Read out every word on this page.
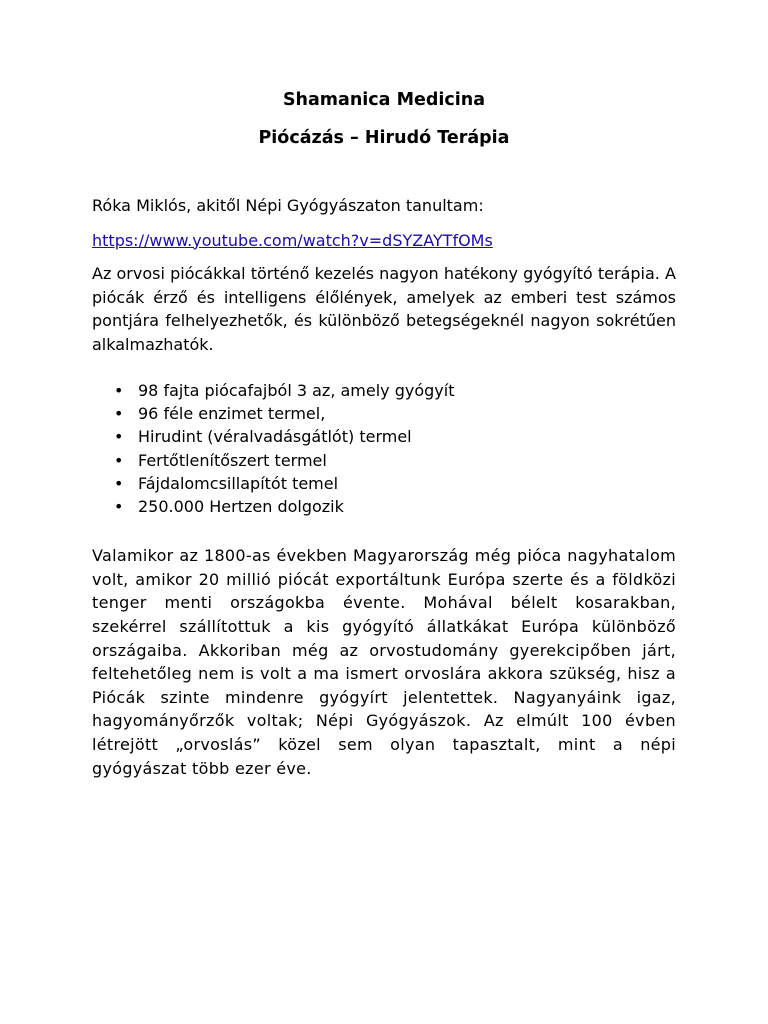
Shamanica Medicina
Piócázás – Hirudó Terápia

Róka Miklós, akitől Népi Gyógyászaton tanultam:

https://www.youtube.com/watch?v=dSYZAYTfOMs

Az orvosi piócákkal történő kezelés nagyon hatékony gyógyító terápia. A piócák érző és intelligens élőlények, amelyek az emberi test számos pontjára felhelyezhetők, és különböző betegségeknél nagyon sokrétűen alkalmazhatók.

• 98 fajta piócafajból 3 az, amely gyógyít
• 96 féle enzimet termel,
• Hirudint (véralvadásgátlót) termel
• Fertőtlenítőszert termel
• Fájdalomcsillapítót temel
• 250.000 Hertzen dolgozik

Valamikor az 1800-as években Magyarország még pióca nagyhatalom volt, amikor 20 millió piócát exportáltunk Európa szerte és a földközi tenger menti országokba évente. Mohával bélelt kosarakban, szekérrel szállítottuk a kis gyógyító állatkákat Európa különböző országaiba. Akkoriban még az orvostudomány gyerekcipőben járt, feltehetőleg nem is volt a ma ismert orvoslára akkora szükség, hisz a Piócák szinte mindenre gyógyírt jelentettek. Nagyanyáink igaz, hagyományőrzők voltak; Népi Gyógyászok. Az elmúlt 100 évben létrejött „orvoslás” közel sem olyan tapasztalt, mint a népi gyógyászat több ezer éve.
